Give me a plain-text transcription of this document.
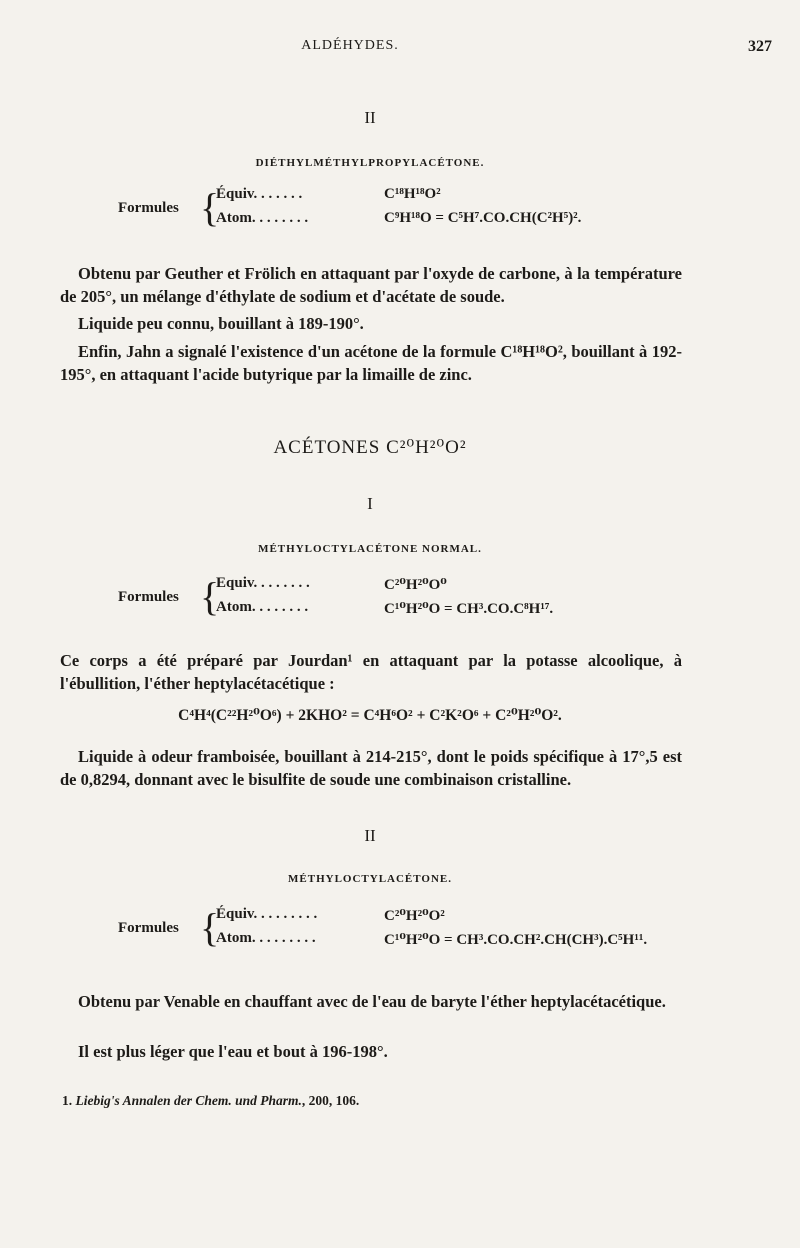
ALDÉHYDES.	327
II
DIÉTHYLMÉTHYLPROPYLACÉTONE.
Formules {
Équiv. . . . . . .	C¹⁸H¹⁸O²
Atom. . . . . . . .	C⁹H¹⁸O = C⁵H⁷.CO.CH(C²H⁵)².
Obtenu par Geuther et Frölich en attaquant par l'oxyde de carbone, à la température de 205°, un mélange d'éthylate de sodium et d'acétate de soude.
Liquide peu connu, bouillant à 189-190°.
Enfin, Jahn a signalé l'existence d'un acétone de la formule C¹⁸H¹⁸O², bouillant à 192-195°, en attaquant l'acide butyrique par la limaille de zinc.
ACÉTONES C²⁰H²⁰O²
I
MÉTHYLOCTYLACÉTONE NORMAL.
Formules {
Equiv. . . . . . . .	C²⁰H²⁰O⁰
Atom. . . . . . . .	C¹⁰H²⁰O = CH³.CO.C⁸H¹⁷.
Ce corps a été préparé par Jourdan¹ en attaquant par la potasse alcoolique, à l'ébullition, l'éther heptylacétacétique :
C⁴H⁴(C²²H²⁰O⁶) + 2KHO² = C⁴H⁶O² + C²K²O⁶ + C²⁰H²⁰O².
Liquide à odeur framboisée, bouillant à 214-215°, dont le poids spécifique à 17°,5 est de 0,8294, donnant avec le bisulfite de soude une combinaison cristalline.
II
MÉTHYLOCTYLACÉTONE.
Formules {
Équiv. . . . . . . . .	C²⁰H²⁰O²
Atom. . . . . . . . .	C¹⁰H²⁰O = CH³.CO.CH².CH(CH³).C⁵H¹¹.
Obtenu par Venable en chauffant avec de l'eau de baryte l'éther heptylacétacétique.
Il est plus léger que l'eau et bout à 196-198°.
1. Liebig's Annalen der Chem. und Pharm., 200, 106.
